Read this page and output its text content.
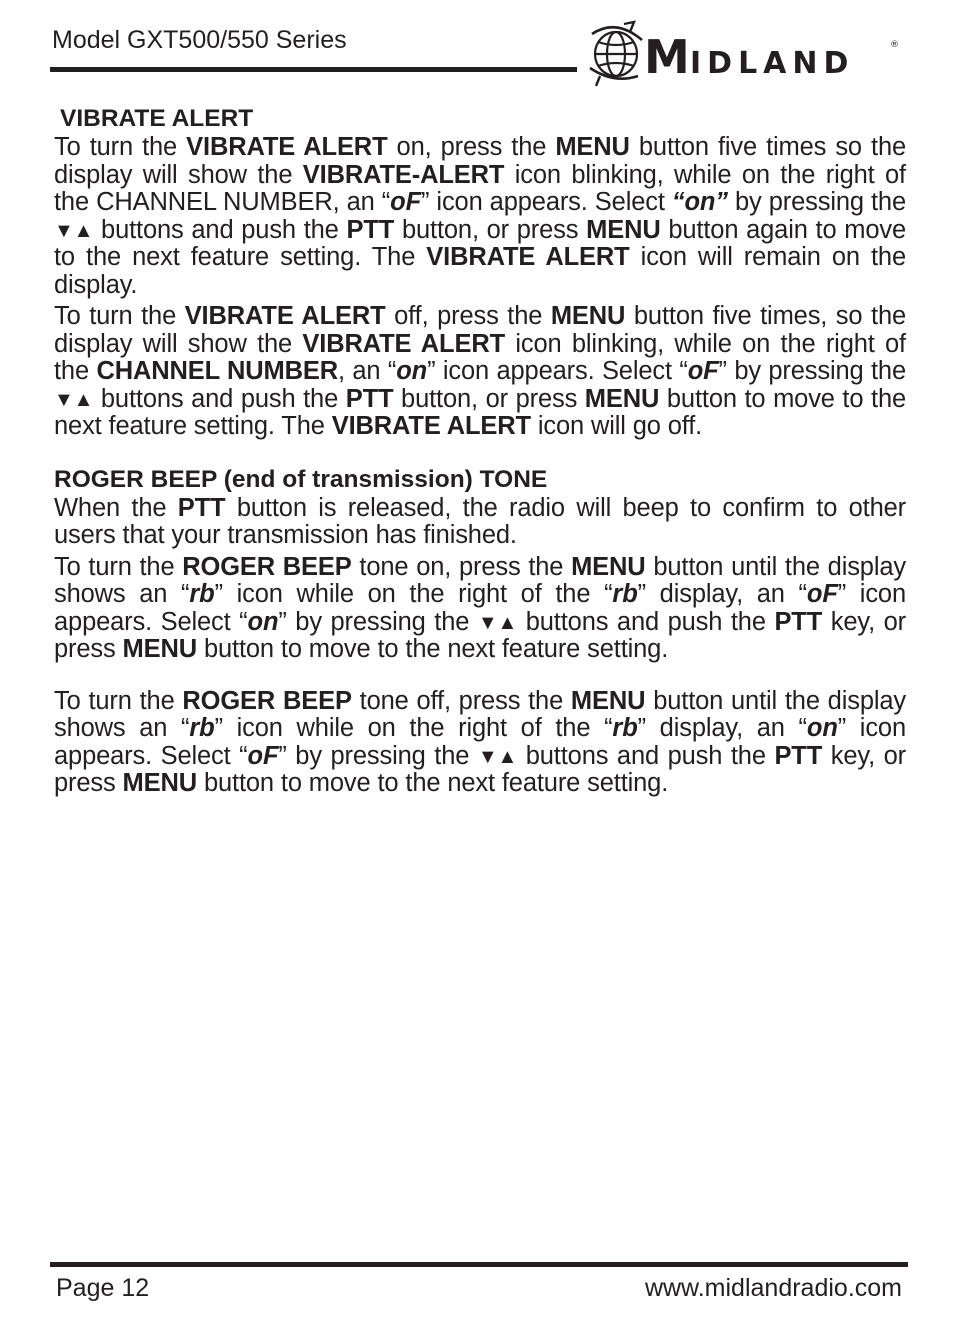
Model GXT500/550 Series	M IDLAND
®
VIBRATE ALERT

To turn the VIBRATE ALERT on, press the MENU button five times so the display will show the VIBRATE-ALERT icon blinking, while on the right of the CHANNEL NUMBER, an “oF” icon appears. Select “on” by pressing the ▼▲ buttons and push the PTT button, or press MENU button again to move to the next feature setting. The VIBRATE ALERT icon will remain on the display.

To turn the VIBRATE ALERT off, press the MENU button five times, so the display will show the VIBRATE ALERT icon blinking, while on the right of the CHANNEL NUMBER, an “on” icon appears. Select “oF” by pressing the ▼▲ buttons and push the PTT button, or press MENU button to move to the next feature setting. The VIBRATE ALERT icon will go off.

ROGER BEEP (end of transmission) TONE

When the PTT button is released, the radio will beep to confirm to other users that your transmission has finished.

To turn the ROGER BEEP tone on, press the MENU button until the display shows an “rb” icon while on the right of the “rb” display, an “oF” icon appears. Select “on” by pressing the ▼▲ buttons and push the PTT key, or press MENU button to move to the next feature setting.

To turn the ROGER BEEP tone off, press the MENU button until the display shows an “rb” icon while on the right of the “rb” display, an “on” icon appears. Select “oF” by pressing the ▼▲ buttons and push the PTT key, or press MENU button to move to the next feature setting.

Page 12	www.midlandradio.com
